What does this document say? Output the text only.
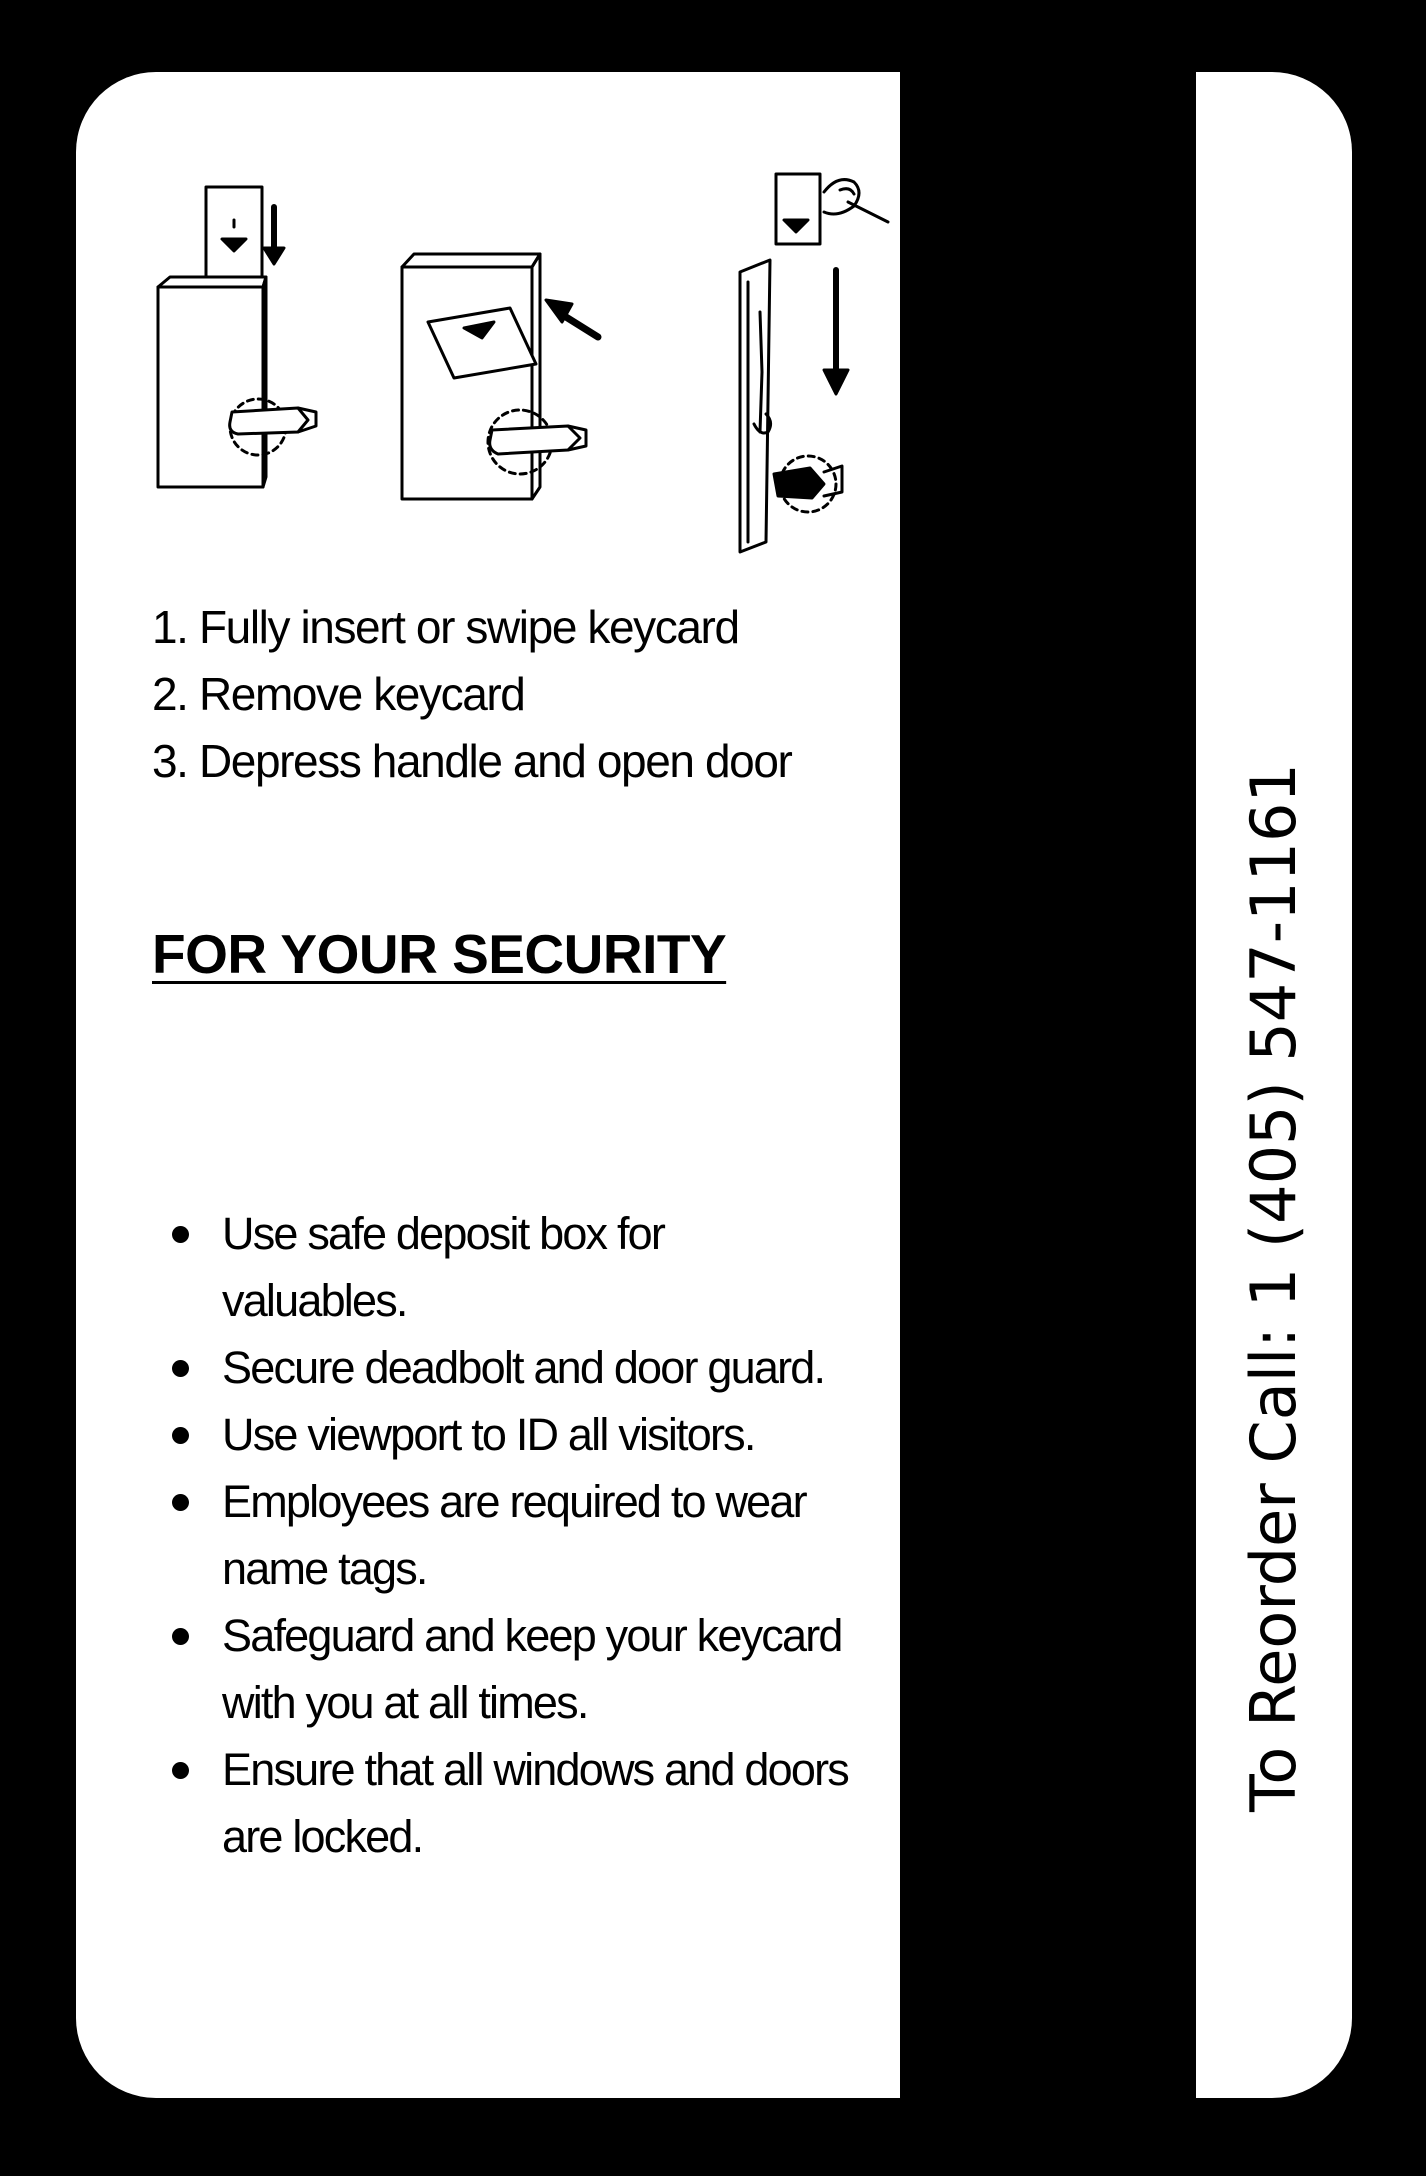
1. Fully insert or swipe keycard
2. Remove keycard
3. Depress handle and open door
FOR YOUR SECURITY
Use safe deposit box for valuables.
Secure deadbolt and door guard.
Use viewport to ID all visitors.
Employees are required to wear name tags.
Safeguard and keep your keycard with you at all times.
Ensure that all windows and doors are locked.
To Reorder Call: 1 (405) 547-1161
